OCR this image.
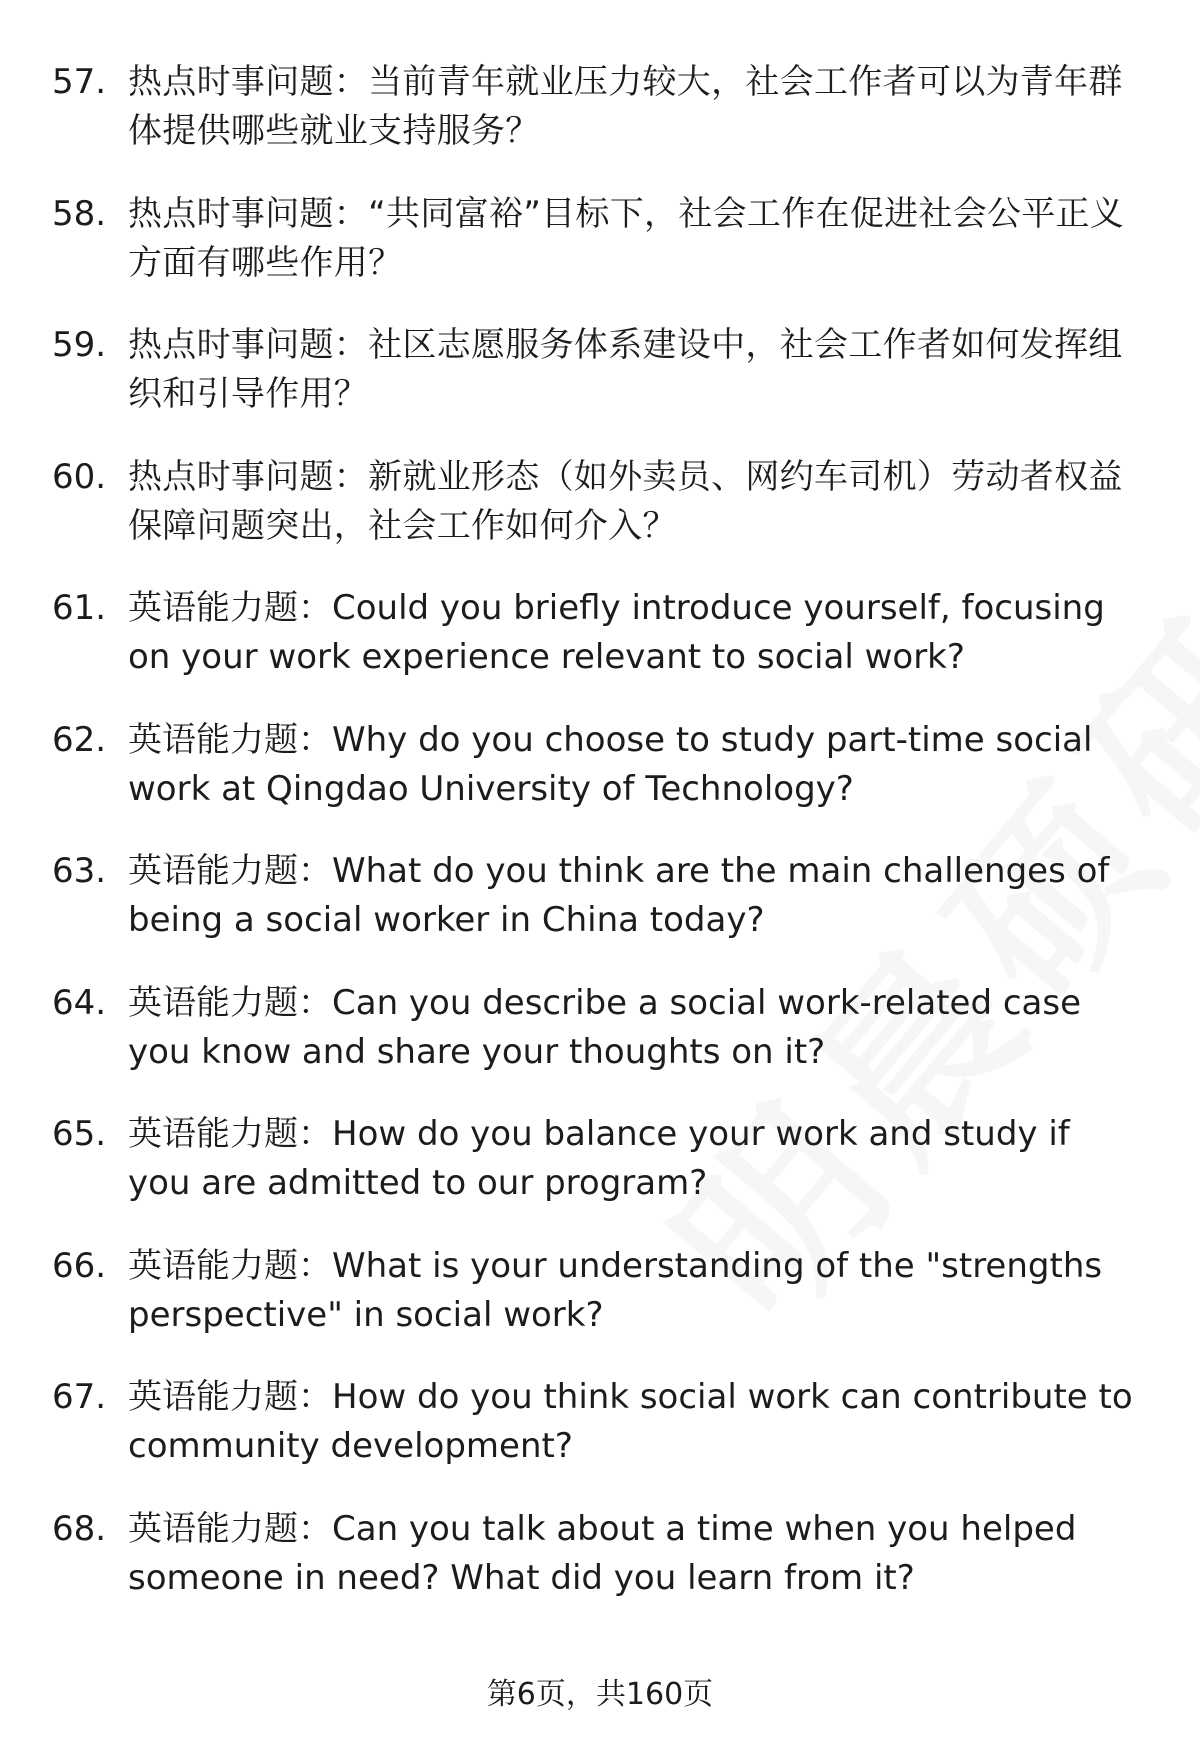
57. 热点时事问题：当前青年就业压力较大，社会工作者可以为青年群体提供哪些就业支持服务？
58. 热点时事问题：“共同富裕”目标下，社会工作在促进社会公平正义方面有哪些作用？
59. 热点时事问题：社区志愿服务体系建设中，社会工作者如何发挥组织和引导作用？
60. 热点时事问题：新就业形态（如外卖员、网约车司机）劳动者权益保障问题突出，社会工作如何介入？
61. 英语能力题：Could you briefly introduce yourself, focusing on your work experience relevant to social work?
62. 英语能力题：Why do you choose to study part-time social work at Qingdao University of Technology?
63. 英语能力题：What do you think are the main challenges of being a social worker in China today?
64. 英语能力题：Can you describe a social work-related case you know and share your thoughts on it?
65. 英语能力题：How do you balance your work and study if you are admitted to our program?
66. 英语能力题：What is your understanding of the "strengths perspective" in social work?
67. 英语能力题：How do you think social work can contribute to community development?
68. 英语能力题：Can you talk about a time when you helped someone in need? What did you learn from it?
第6页，共160页
